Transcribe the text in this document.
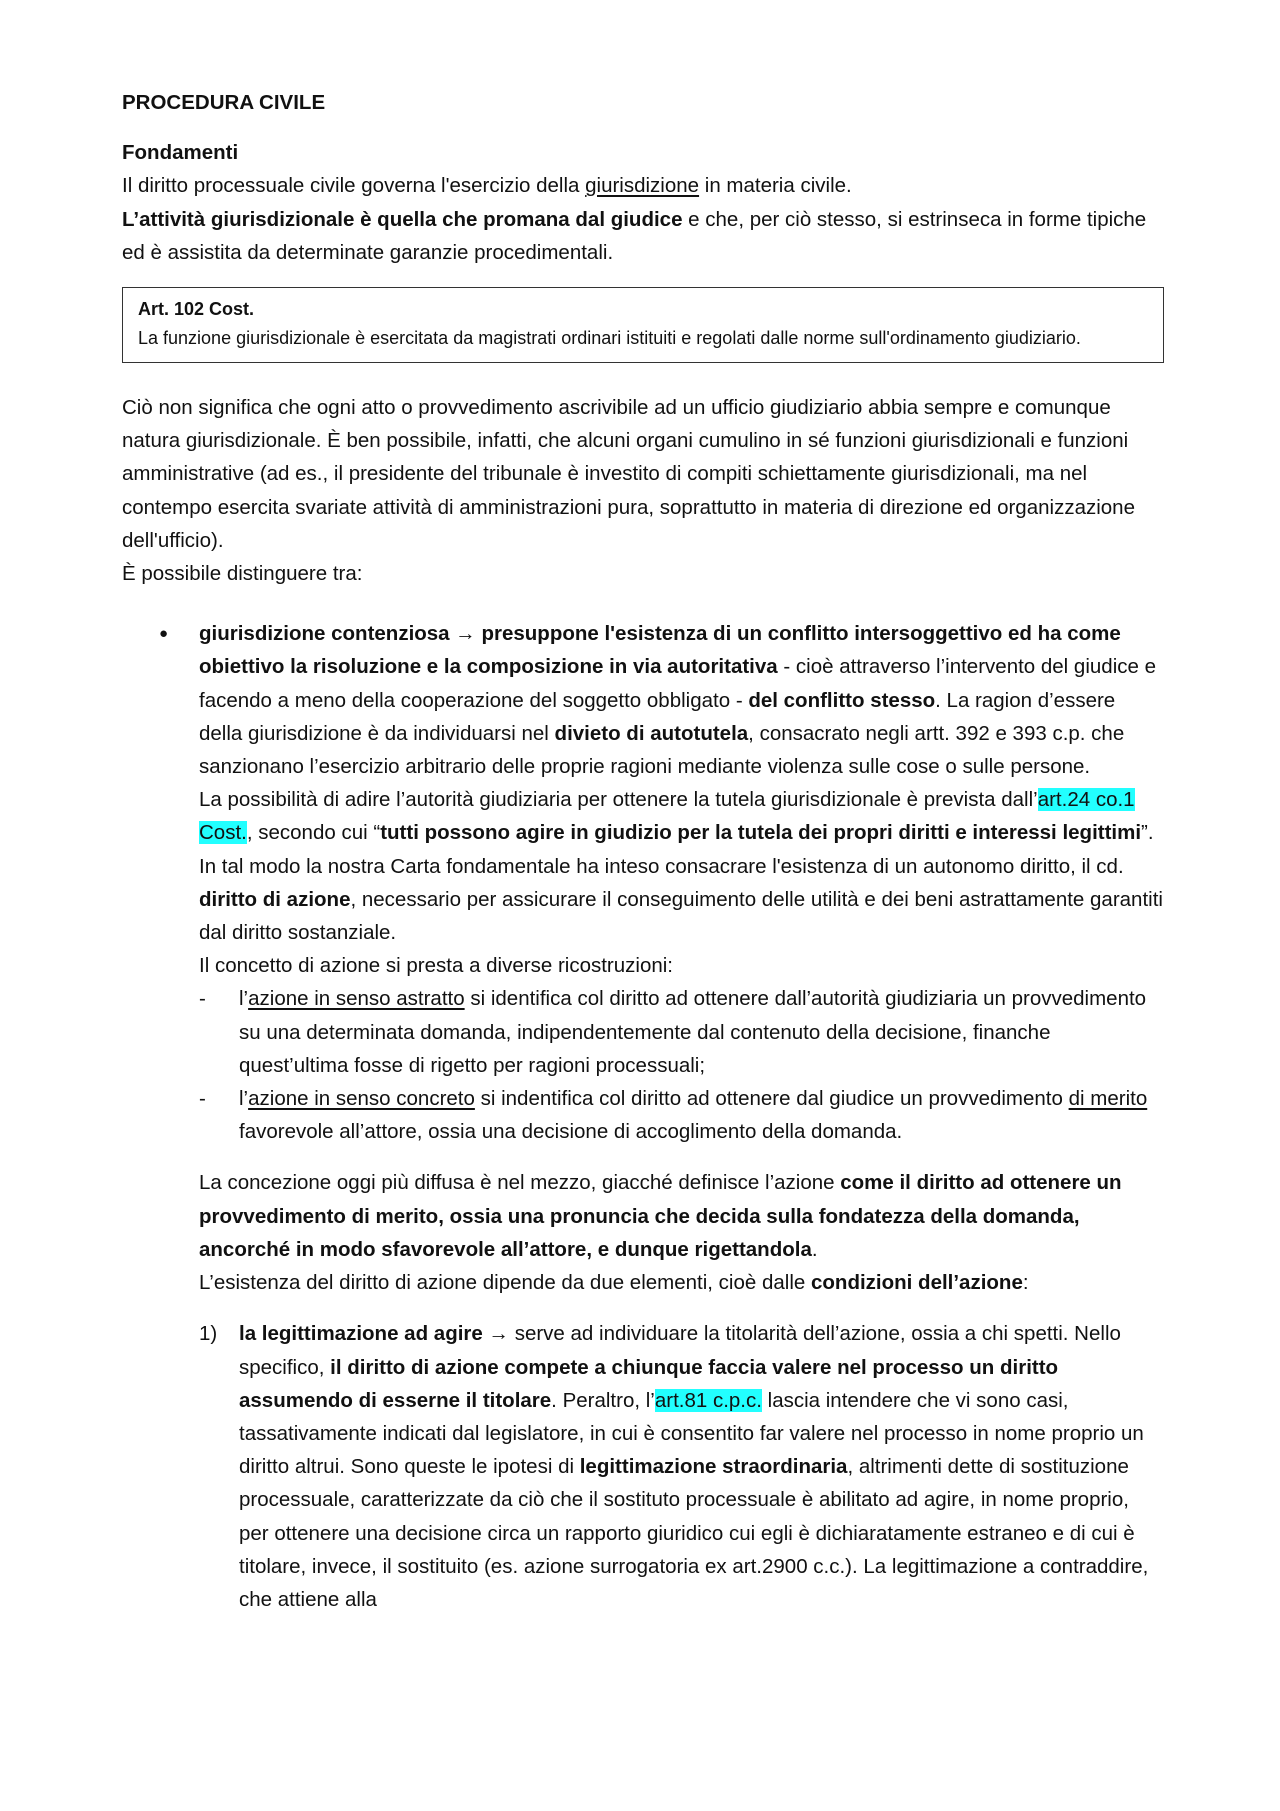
PROCEDURA CIVILE

Fondamenti

Il diritto processuale civile governa l'esercizio della giurisdizione in materia civile.

L’attività giurisdizionale è quella che promana dal giudice e che, per ciò stesso, si estrinseca in forme tipiche ed è assistita da determinate garanzie procedimentali.

Art. 102 Cost.
La funzione giurisdizionale è esercitata da magistrati ordinari istituiti e regolati dalle norme sull'ordinamento giudiziario.

Ciò non significa che ogni atto o provvedimento ascrivibile ad un ufficio giudiziario abbia sempre e comunque natura giurisdizionale. È ben possibile, infatti, che alcuni organi cumulino in sé funzioni giurisdizionali e funzioni amministrative (ad es., il presidente del tribunale è investito di compiti schiettamente giurisdizionali, ma nel contempo esercita svariate attività di amministrazioni pura, soprattutto in materia di direzione ed organizzazione dell'ufficio).

È possibile distinguere tra:

● giurisdizione contenziosa → presuppone l'esistenza di un conflitto intersoggettivo ed ha come obiettivo la risoluzione e la composizione in via autoritativa - cioè attraverso l’intervento del giudice e facendo a meno della cooperazione del soggetto obbligato - del conflitto stesso. La ragion d’essere della giurisdizione è da individuarsi nel divieto di autotutela, consacrato negli artt. 392 e 393 c.p. che sanzionano l’esercizio arbitrario delle proprie ragioni mediante violenza sulle cose o sulle persone.

La possibilità di adire l’autorità giudiziaria per ottenere la tutela giurisdizionale è prevista dall’art.24 co.1 Cost., secondo cui “tutti possono agire in giudizio per la tutela dei propri diritti e interessi legittimi”. In tal modo la nostra Carta fondamentale ha inteso consacrare l'esistenza di un autonomo diritto, il cd. diritto di azione, necessario per assicurare il conseguimento delle utilità e dei beni astrattamente garantiti dal diritto sostanziale.

Il concetto di azione si presta a diverse ricostruzioni:

- l’azione in senso astratto si identifica col diritto ad ottenere dall’autorità giudiziaria un provvedimento su una determinata domanda, indipendentemente dal contenuto della decisione, finanche quest’ultima fosse di rigetto per ragioni processuali;
- l’azione in senso concreto si indentifica col diritto ad ottenere dal giudice un provvedimento di merito favorevole all’attore, ossia una decisione di accoglimento della domanda.

La concezione oggi più diffusa è nel mezzo, giacché definisce l’azione come il diritto ad ottenere un provvedimento di merito, ossia una pronuncia che decida sulla fondatezza della domanda, ancorché in modo sfavorevole all’attore, e dunque rigettandola.

L’esistenza del diritto di azione dipende da due elementi, cioè dalle condizioni dell’azione:

1) la legittimazione ad agire → serve ad individuare la titolarità dell’azione, ossia a chi spetti. Nello specifico, il diritto di azione compete a chiunque faccia valere nel processo un diritto assumendo di esserne il titolare. Peraltro, l’art.81 c.p.c. lascia intendere che vi sono casi, tassativamente indicati dal legislatore, in cui è consentito far valere nel processo in nome proprio un diritto altrui. Sono queste le ipotesi di legittimazione straordinaria, altrimenti dette di sostituzione processuale, caratterizzate da ciò che il sostituto processuale è abilitato ad agire, in nome proprio, per ottenere una decisione circa un rapporto giuridico cui egli è dichiaratamente estraneo e di cui è titolare, invece, il sostituito (es. azione surrogatoria ex art.2900 c.c.). La legittimazione a contraddire, che attiene alla
